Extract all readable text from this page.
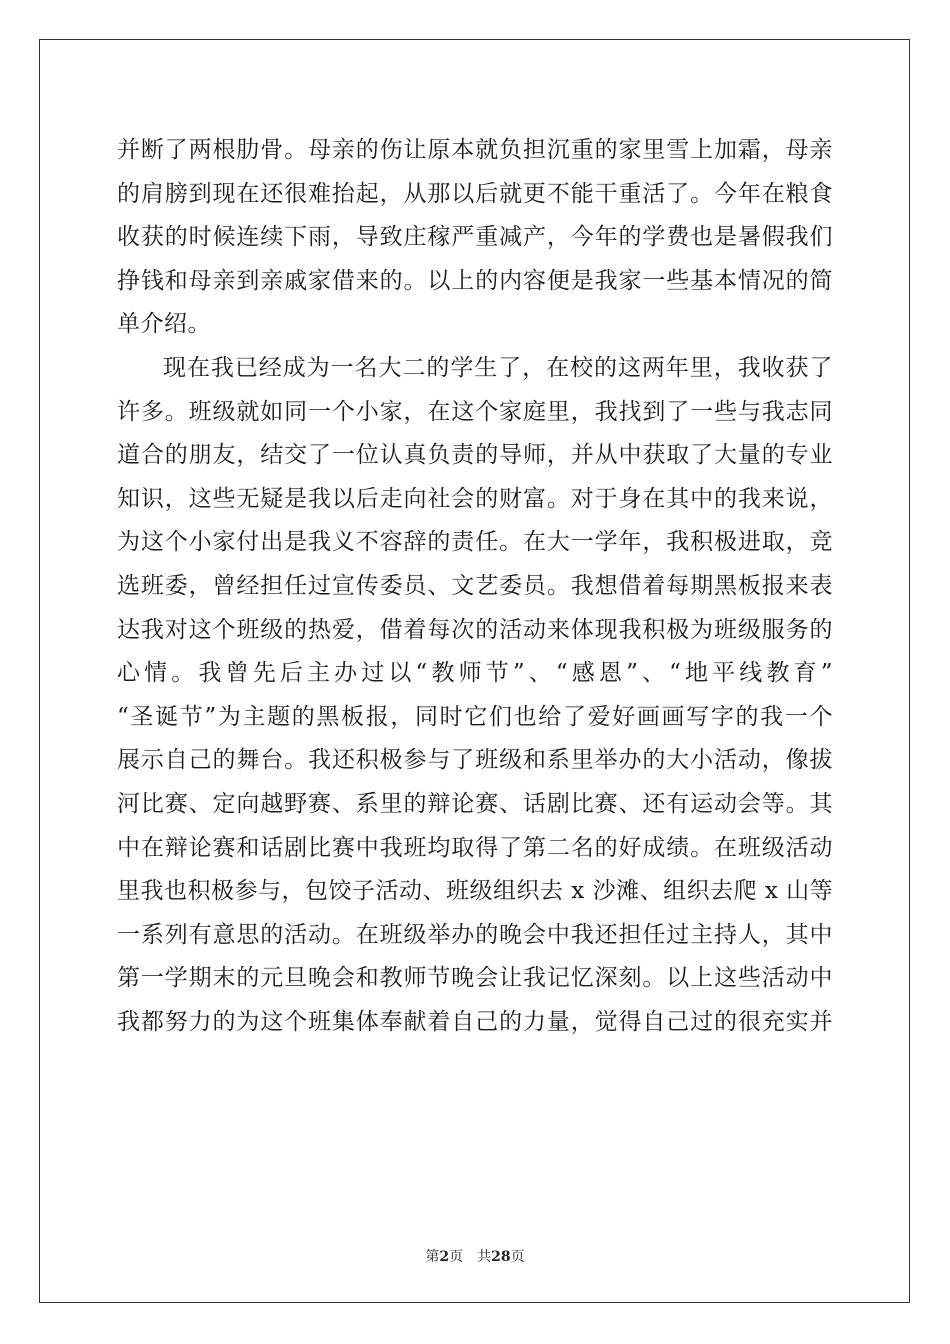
并断了两根肋骨。母亲的伤让原本就负担沉重的家里雪上加霜，母亲
的肩膀到现在还很难抬起，从那以后就更不能干重活了。今年在粮食
收获的时候连续下雨，导致庄稼严重减产，今年的学费也是暑假我们
挣钱和母亲到亲戚家借来的。以上的内容便是我家一些基本情况的简
单介绍。
现在我已经成为一名大二的学生了，在校的这两年里，我收获了
许多。班级就如同一个小家，在这个家庭里，我找到了一些与我志同
道合的朋友，结交了一位认真负责的导师，并从中获取了大量的专业
知识，这些无疑是我以后走向社会的财富。对于身在其中的我来说，
为这个小家付出是我义不容辞的责任。在大一学年，我积极进取，竞
选班委，曾经担任过宣传委员、文艺委员。我想借着每期黑板报来表
达我对这个班级的热爱，借着每次的活动来体现我积极为班级服务的
心情。我曾先后主办过以“教师节”、“感恩”、“地平线教育”
“圣诞节”为主题的黑板报，同时它们也给了爱好画画写字的我一个
展示自己的舞台。我还积极参与了班级和系里举办的大小活动，像拔
河比赛、定向越野赛、系里的辩论赛、话剧比赛、还有运动会等。其
中在辩论赛和话剧比赛中我班均取得了第二名的好成绩。在班级活动
里我也积极参与，包饺子活动、班级组织去 x 沙滩、组织去爬 x 山等
一系列有意思的活动。在班级举办的晚会中我还担任过主持人，其中
第一学期末的元旦晚会和教师节晚会让我记忆深刻。以上这些活动中
我都努力的为这个班集体奉献着自己的力量，觉得自己过的很充实并
第2页 共28页
